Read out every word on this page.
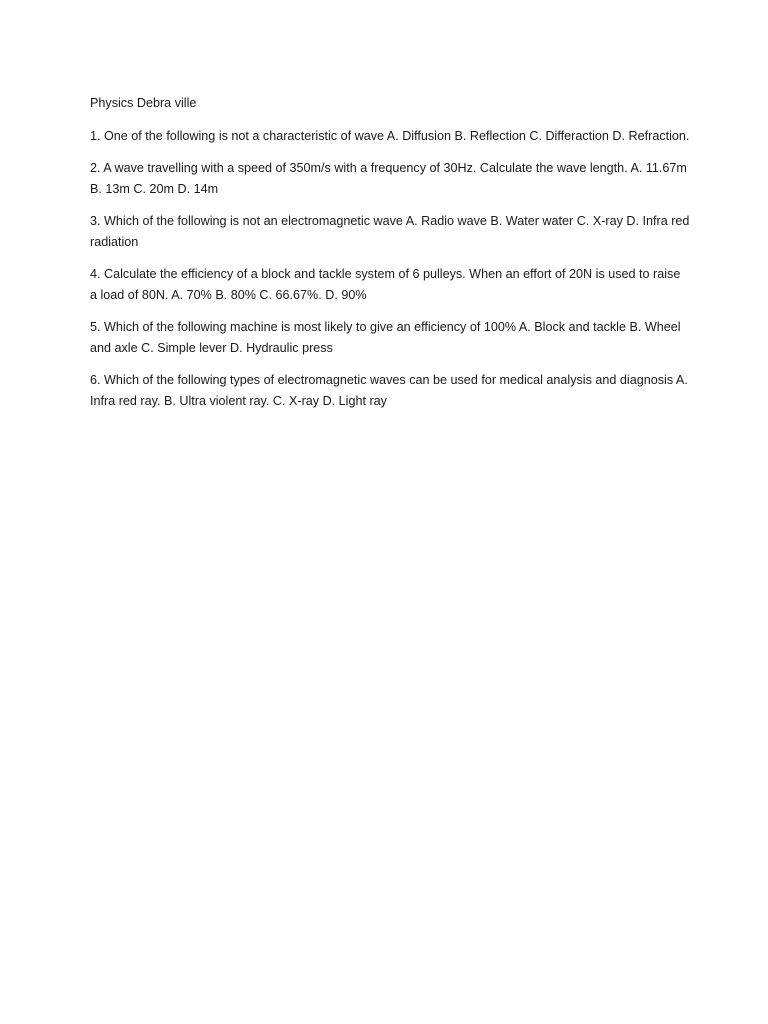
Physics Debra ville

1. One of the following is not a characteristic of wave A. Diffusion B. Reflection C. Differaction D. Refraction.

2. A wave travelling with a speed of 350m/s with a frequency of 30Hz. Calculate the wave length. A. 11.67m B. 13m C. 20m D. 14m

3. Which of the following is not an electromagnetic wave A. Radio wave B. Water water C. X-ray D. Infra red radiation

4. Calculate the efficiency of a block and tackle system of 6 pulleys. When an effort of 20N is used to raise a load of 80N. A. 70% B. 80% C. 66.67%. D. 90%

5. Which of the following machine is most likely to give an efficiency of 100% A. Block and tackle B. Wheel and axle C. Simple lever D. Hydraulic press

6. Which of the following types of electromagnetic waves can be used for medical analysis and diagnosis A. Infra red ray. B. Ultra violent ray. C. X-ray D. Light ray
